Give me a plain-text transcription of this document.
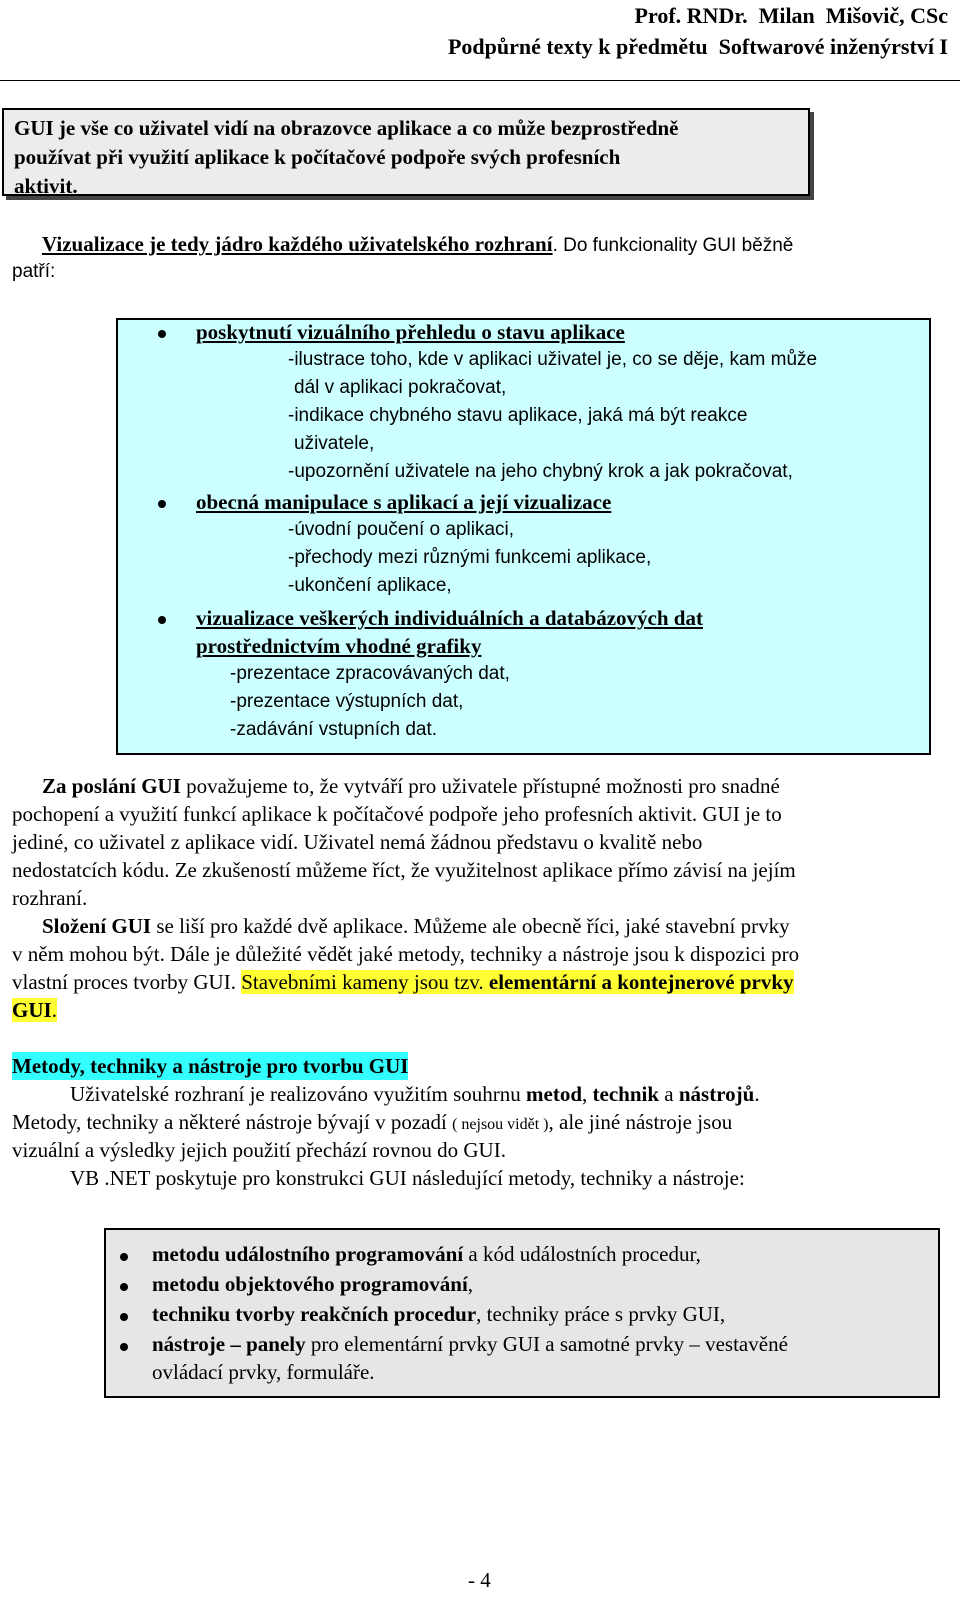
Prof. RNDr.  Milan  Mišovič, CSc
Podpůrné texty k předmětu  Softwarové inženýrství I
GUI je vše co uživatel vidí na obrazovce aplikace a co může bezprostředně
používat při využití aplikace k počítačové podpoře svých profesních
aktivit.
Vizualizace je tedy jádro každého uživatelského rozhraní. Do funkcionality GUI běžně
patří:
poskytnutí vizuálního přehledu o stavu aplikace
-ilustrace toho, kde v aplikaci uživatel je, co se děje, kam může
dál v aplikaci pokračovat,
-indikace chybného stavu aplikace, jaká má být reakce
uživatele,
-upozornění uživatele na jeho chybný krok a jak pokračovat,
obecná manipulace s aplikací a její vizualizace
-úvodní poučení o aplikaci,
-přechody mezi různými funkcemi aplikace,
-ukončení aplikace,
vizualizace veškerých individuálních a databázových dat
prostřednictvím vhodné grafiky
-prezentace zpracovávaných dat,
-prezentace výstupních dat,
-zadávání vstupních dat.
Za poslání GUI považujeme to, že vytváří pro uživatele přístupné možnosti pro snadné
pochopení a využití funkcí aplikace k počítačové podpoře jeho profesních aktivit. GUI je to
jediné, co uživatel z aplikace vidí. Uživatel nemá žádnou představu o kvalitě nebo
nedostatcích kódu. Ze zkušeností můžeme říct, že využitelnost aplikace přímo závisí na jejím
rozhraní.
Složení GUI se liší pro každé dvě aplikace. Můžeme ale obecně říci, jaké stavební prvky
v něm mohou být. Dále je důležité vědět jaké metody, techniky a nástroje jsou k dispozici pro
vlastní proces tvorby GUI. Stavebními kameny jsou tzv. elementární a kontejnerové prvky
GUI.
Metody, techniky a nástroje pro tvorbu GUI
Uživatelské rozhraní je realizováno využitím souhrnu metod, technik a nástrojů.
Metody, techniky a některé nástroje bývají v pozadí ( nejsou vidět ), ale jiné nástroje jsou
vizuální a výsledky jejich použití přechází rovnou do GUI.
VB .NET poskytuje pro konstrukci GUI následující metody, techniky a nástroje:
metodu událostního programování a kód událostních procedur,
metodu objektového programování,
techniku tvorby reakčních procedur, techniky práce s prvky GUI,
nástroje – panely pro elementární prvky GUI a samotné prvky – vestavěné
ovládací prvky, formuláře.
- 4
